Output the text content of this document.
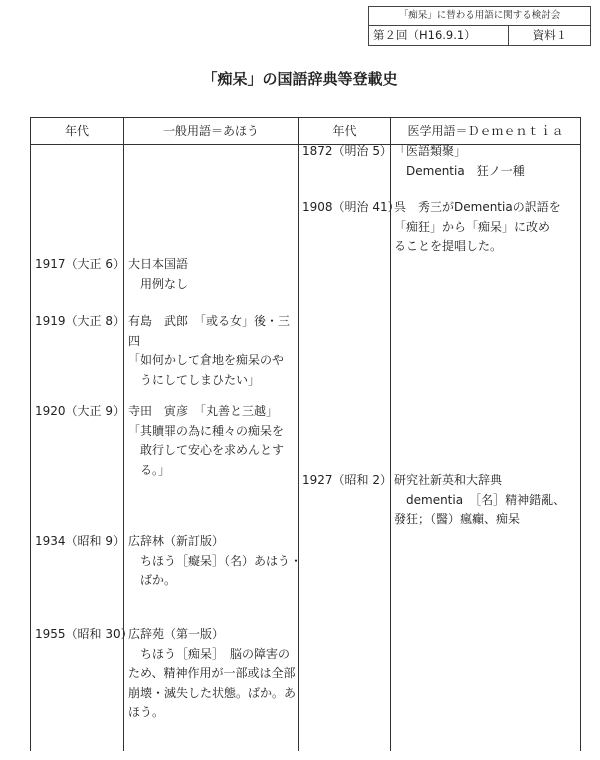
「痴呆」に替わる用語に関する検討会
第２回（H16.9.1）	資料１
「痴呆」の国語辞典等登載史
年代	一般用語＝あほう	年代	医学用語＝Ｄｅｍｅｎｔｉａ
1917（大正 6） 大日本国語
　用例なし
1919（大正 8） 有島　武郎　「或る女」後・三
四
「如何かして倉地を痴呆のや
　うにしてしまひたい」
1920（大正 9） 寺田　寅彦　「丸善と三越」
「其贖罪の為に種々の痴呆を
　敢行して安心を求めんとす
　る。」
1934（昭和 9） 広辞林（新訂版）
　ちほう［癡呆］（名）あはう・
　ばか。
1955（昭和 30）
広辞苑（第一版）
　ちほう［痴呆］　脳の障害の
ため、精神作用が一部或は全部
崩壊・滅失した状態。ばか。あ
ほう。
1872（明治 5） 「医語類聚」
　Dementia　狂ノ一種
1908（明治 41）
呉　秀三がDementiaの訳語を
「痴狂」から「痴呆」に改め
ることを提唱した。
1927（昭和 2） 研究社新英和大辞典
　dementia　［名］精神錯亂、
發狂；（醫）瘋癲、痴呆
